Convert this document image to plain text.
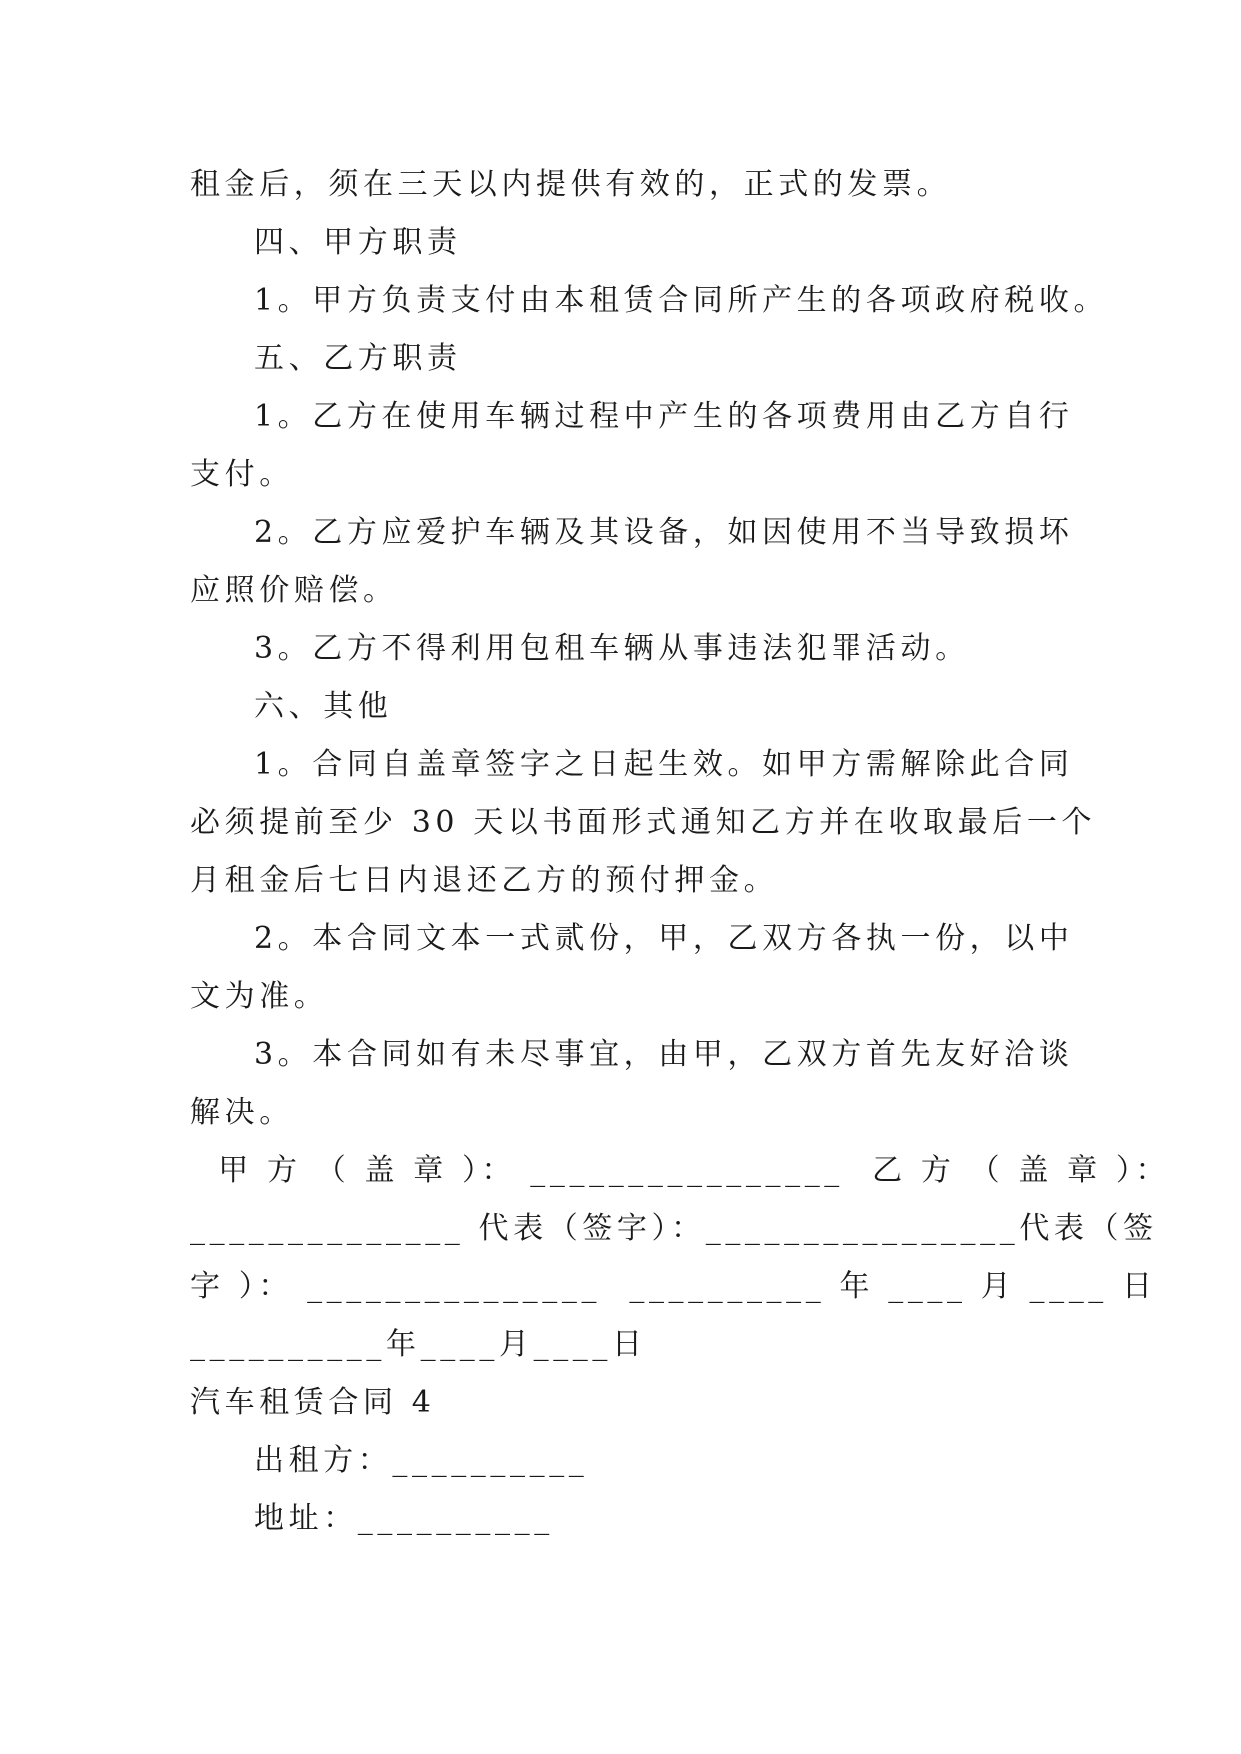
租金后，须在三天以内提供有效的，正式的发票。
四、甲方职责
1。甲方负责支付由本租赁合同所产生的各项政府税收。
五、乙方职责
1。乙方在使用车辆过程中产生的各项费用由乙方自行
支付。
2。乙方应爱护车辆及其设备，如因使用不当导致损坏
应照价赔偿。
3。乙方不得利用包租车辆从事违法犯罪活动。
六、其他
1。合同自盖章签字之日起生效。如甲方需解除此合同
必须提前至少 30 天以书面形式通知乙方并在收取最后一个
月租金后七日内退还乙方的预付押金。
2。本合同文本一式贰份，甲，乙双方各执一份，以中
文为准。
3。本合同如有未尽事宜，由甲，乙双方首先友好洽谈
解决。
甲 方 （ 盖 章 ）： ________________  乙 方 （ 盖 章 ）：
______________ 代表（签字）：________________代表（签
字 ）： _______________  __________ 年 ____ 月 ____ 日
__________年____月____日
汽车租赁合同 4
出租方：__________
地址：__________
